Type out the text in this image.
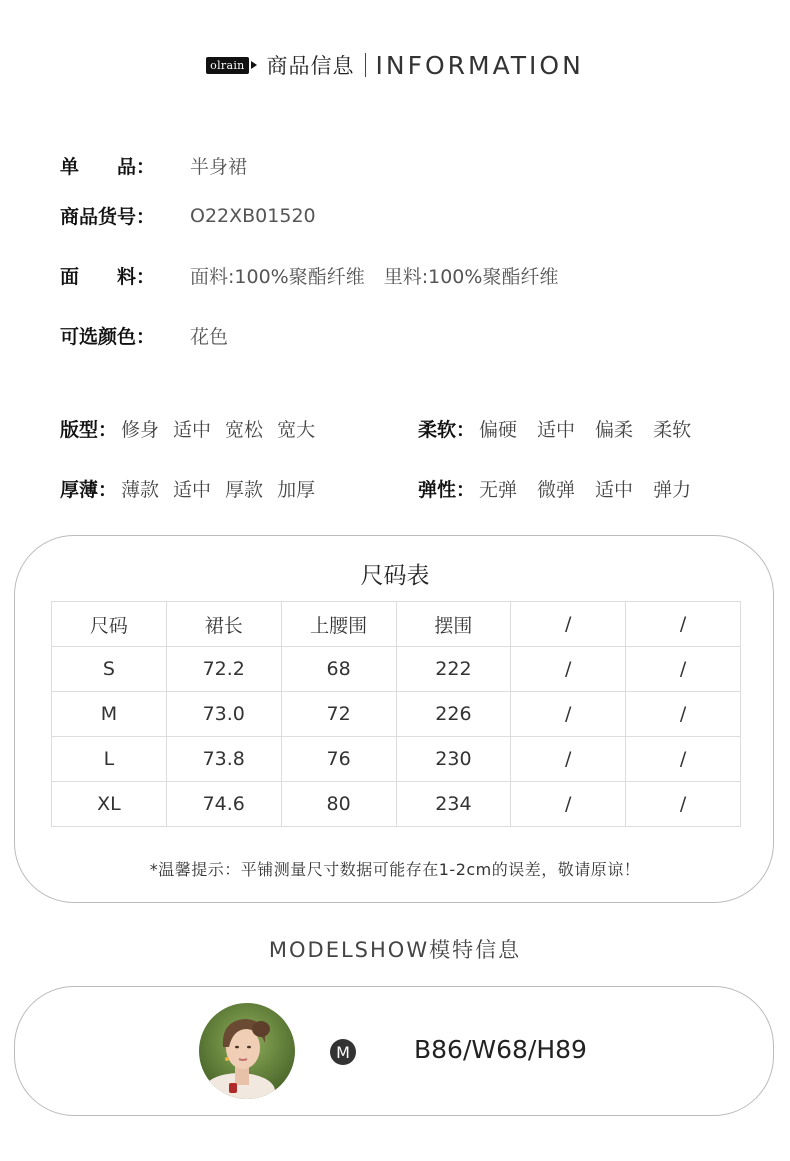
olrain 商品信息 INFORMATION
单　　品：	半身裙
商品货号：	O22XB01520
面　　料：	面料:100%聚酯纤维　里料:100%聚酯纤维
可选颜色：	花色
版型： 修身 适中 宽松 宽大	柔软： 偏硬 适中 偏柔 柔软
厚薄： 薄款 适中 厚款 加厚	弹性： 无弹 微弹 适中 弹力
尺码表
尺码	裙长	上腰围	摆围	/	/
S	72.2	68	222	/	/
M	73.0	72	226	/	/
L	73.8	76	230	/	/
XL	74.6	80	234	/	/
*温馨提示：平铺测量尺寸数据可能存在1-2cm的误差，敬请原谅！
MODELSHOW模特信息
M	B86/W68/H89
